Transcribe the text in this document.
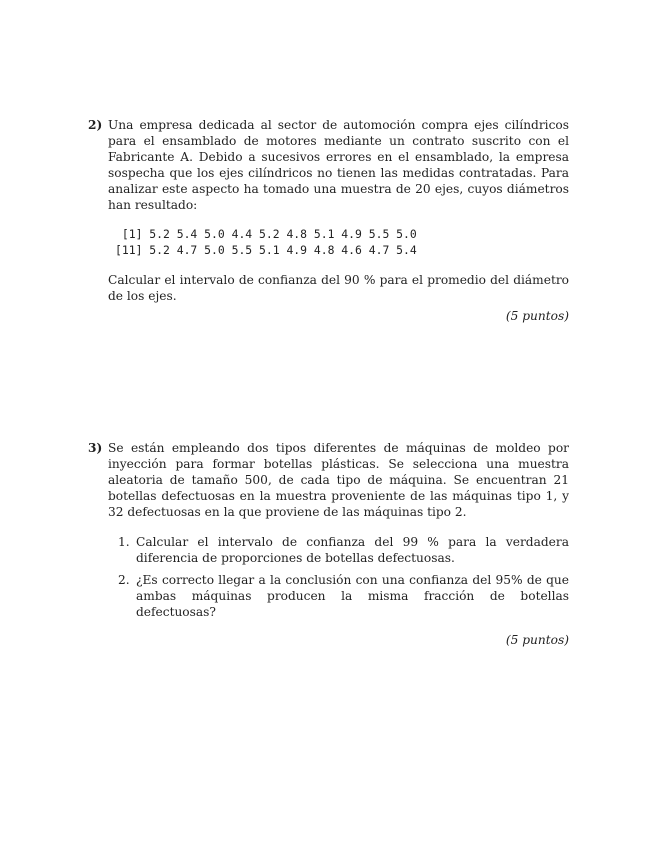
2) Una empresa dedicada al sector de automoción compra ejes cilíndricos para el ensamblado de motores mediante un contrato suscrito con el Fabricante A. Debido a sucesivos errores en el ensamblado, la empresa sospecha que los ejes cilíndricos no tienen las medidas contratadas. Para analizar este aspecto ha tomado una muestra de 20 ejes, cuyos diámetros han resultado:
[1] 5.2 5.4 5.0 4.4 5.2 4.8 5.1 4.9 5.5 5.0
[11] 5.2 4.7 5.0 5.5 5.1 4.9 4.8 4.6 4.7 5.4
Calcular el intervalo de confianza del 90 % para el promedio del diámetro de los ejes.
(5 puntos)
3) Se están empleando dos tipos diferentes de máquinas de moldeo por inyección para formar botellas plásticas. Se selecciona una muestra aleatoria de tamaño 500, de cada tipo de máquina. Se encuentran 21 botellas defectuosas en la muestra proveniente de las máquinas tipo 1, y 32 defectuosas en la que proviene de las máquinas tipo 2.
1. Calcular el intervalo de confianza del 99 % para la verdadera diferencia de proporciones de botellas defectuosas.
2. ¿Es correcto llegar a la conclusión con una confianza del 95% de que ambas máquinas producen la misma fracción de botellas defectuosas?
(5 puntos)
